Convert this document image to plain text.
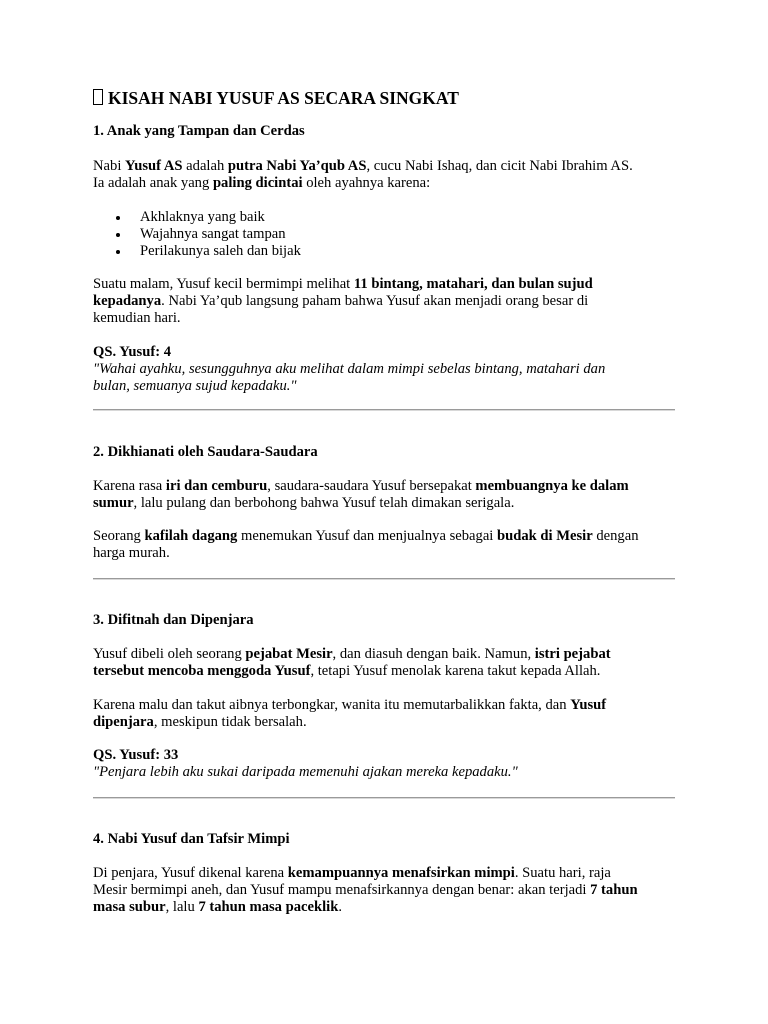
KISAH NABI YUSUF AS SECARA SINGKAT
1. Anak yang Tampan dan Cerdas

Nabi Yusuf AS adalah putra Nabi Ya’qub AS, cucu Nabi Ishaq, dan cicit Nabi Ibrahim AS.
Ia adalah anak yang paling dicintai oleh ayahnya karena:

Akhlaknya yang baik
Wajahnya sangat tampan
Perilakunya saleh dan bijak

Suatu malam, Yusuf kecil bermimpi melihat 11 bintang, matahari, dan bulan sujud
kepadanya. Nabi Ya’qub langsung paham bahwa Yusuf akan menjadi orang besar di
kemudian hari.

QS. Yusuf: 4
"Wahai ayahku, sesungguhnya aku melihat dalam mimpi sebelas bintang, matahari dan
bulan, semuanya sujud kepadaku."

2. Dikhianati oleh Saudara-Saudara

Karena rasa iri dan cemburu, saudara-saudara Yusuf bersepakat membuangnya ke dalam
sumur, lalu pulang dan berbohong bahwa Yusuf telah dimakan serigala.

Seorang kafilah dagang menemukan Yusuf dan menjualnya sebagai budak di Mesir dengan
harga murah.

3. Difitnah dan Dipenjara

Yusuf dibeli oleh seorang pejabat Mesir, dan diasuh dengan baik. Namun, istri pejabat
tersebut mencoba menggoda Yusuf, tetapi Yusuf menolak karena takut kepada Allah.

Karena malu dan takut aibnya terbongkar, wanita itu memutarbalikkan fakta, dan Yusuf
dipenjara, meskipun tidak bersalah.

QS. Yusuf: 33
"Penjara lebih aku sukai daripada memenuhi ajakan mereka kepadaku."

4. Nabi Yusuf dan Tafsir Mimpi

Di penjara, Yusuf dikenal karena kemampuannya menafsirkan mimpi. Suatu hari, raja
Mesir bermimpi aneh, dan Yusuf mampu menafsirkannya dengan benar: akan terjadi 7 tahun
masa subur, lalu 7 tahun masa paceklik.
